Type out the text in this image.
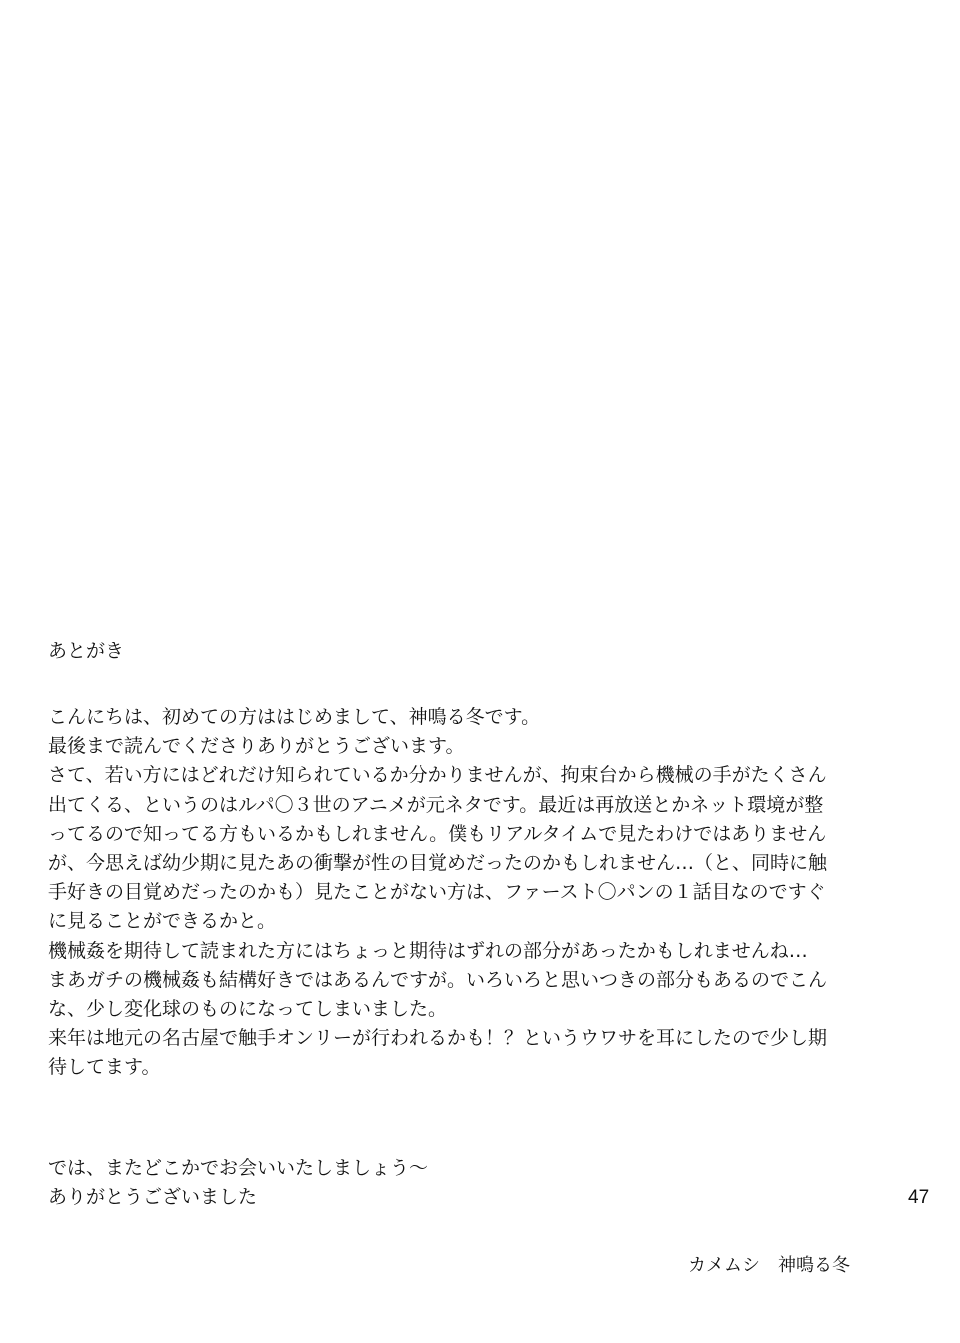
あとがき
こんにちは、初めての方ははじめまして、神鳴る冬です。
最後まで読んでくださりありがとうございます。
さて、若い方にはどれだけ知られているか分かりませんが、拘束台から機械の手がたくさん
出てくる、というのはルパ〇３世のアニメが元ネタです。最近は再放送とかネット環境が整
ってるので知ってる方もいるかもしれません。僕もリアルタイムで見たわけではありません
が、今思えば幼少期に見たあの衝撃が性の目覚めだったのかもしれません…（と、同時に触
手好きの目覚めだったのかも）見たことがない方は、ファースト〇パンの１話目なのですぐ
に見ることができるかと。
機械姦を期待して読まれた方にはちょっと期待はずれの部分があったかもしれませんね…
まあガチの機械姦も結構好きではあるんですが。いろいろと思いつきの部分もあるのでこん
な、少し変化球のものになってしまいました。
来年は地元の名古屋で触手オンリーが行われるかも！？というウワサを耳にしたので少し期
待してます。
では、またどこかでお会いいたしましょう～
ありがとうございました	47
カメムシ　神鳴る冬
